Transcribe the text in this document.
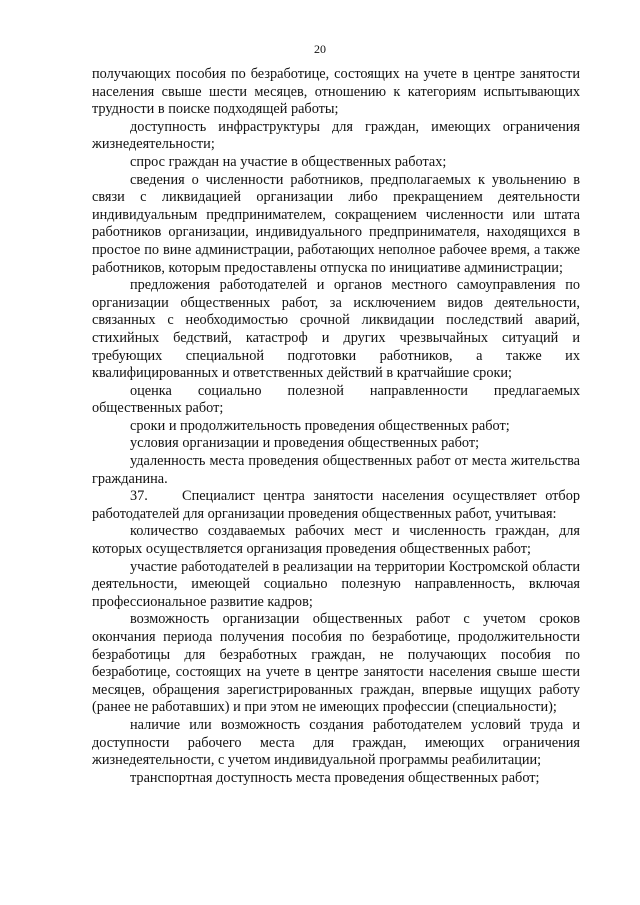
20

получающих пособия по безработице, состоящих на учете в центре занятости населения свыше шести месяцев, отношению к категориям испытывающих трудности в поиске подходящей работы;

доступность инфраструктуры для граждан, имеющих ограничения жизнедеятельности;

спрос граждан на участие в общественных работах;

сведения о численности работников, предполагаемых к увольнению в связи с ликвидацией организации либо прекращением деятельности индивидуальным предпринимателем, сокращением численности или штата работников организации, индивидуального предпринимателя, находящихся в простое по вине администрации, работающих неполное рабочее время, а также работников, которым предоставлены отпуска по инициативе администрации;

предложения работодателей и органов местного самоуправления по организации общественных работ, за исключением видов деятельности, связанных с необходимостью срочной ликвидации последствий аварий, стихийных бедствий, катастроф и других чрезвычайных ситуаций и требующих специальной подготовки работников, а также их квалифицированных и ответственных действий в кратчайшие сроки;

оценка социально полезной направленности предлагаемых общественных работ;

сроки и продолжительность проведения общественных работ;

условия организации и проведения общественных работ;

удаленность места проведения общественных работ от места жительства гражданина.

37.    Специалист центра занятости населения осуществляет отбор работодателей для организации проведения общественных работ, учитывая:

количество создаваемых рабочих мест и численность граждан, для которых осуществляется организация проведения общественных работ;

участие работодателей в реализации на территории Костромской области деятельности, имеющей социально полезную направленность, включая профессиональное развитие кадров;

возможность организации общественных работ с учетом сроков окончания периода получения пособия по безработице, продолжительности безработицы для безработных граждан, не получающих пособия по безработице, состоящих на учете в центре занятости населения свыше шести месяцев, обращения зарегистрированных граждан, впервые ищущих работу (ранее не работавших) и при этом не имеющих профессии (специальности);

наличие или возможность создания работодателем условий труда и доступности рабочего места для граждан, имеющих ограничения жизнедеятельности, с учетом индивидуальной программы реабилитации;

транспортная доступность места проведения общественных работ;
